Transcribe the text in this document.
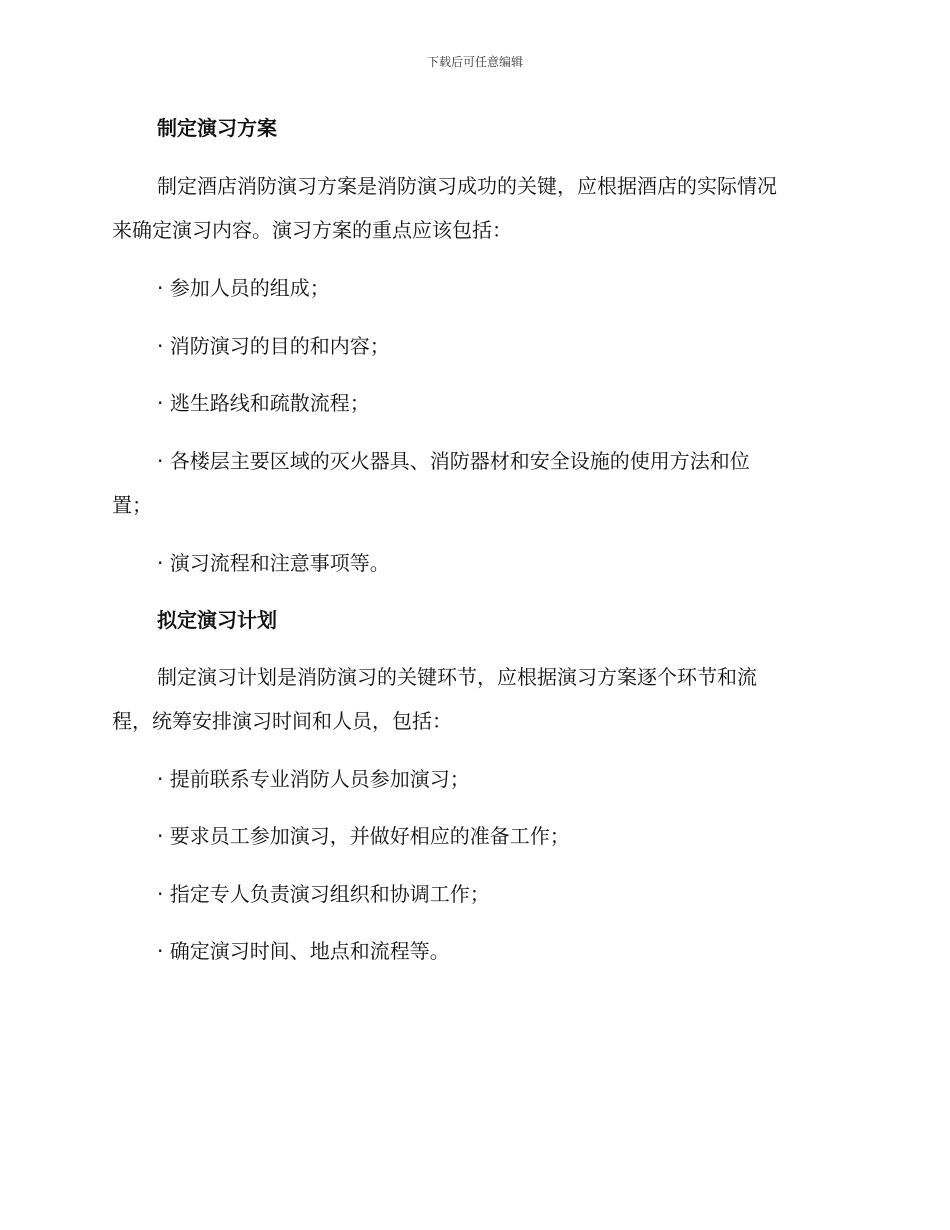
下载后可任意编辑
制定演习方案
制定酒店消防演习方案是消防演习成功的关键，应根据酒店的实际情况
来确定演习内容。演习方案的重点应该包括：
· 参加人员的组成；
· 消防演习的目的和内容；
· 逃生路线和疏散流程；
· 各楼层主要区域的灭火器具、消防器材和安全设施的使用方法和位
置；
· 演习流程和注意事项等。
拟定演习计划
制定演习计划是消防演习的关键环节，应根据演习方案逐个环节和流
程，统筹安排演习时间和人员，包括：
· 提前联系专业消防人员参加演习；
· 要求员工参加演习，并做好相应的准备工作；
· 指定专人负责演习组织和协调工作；
· 确定演习时间、地点和流程等。
